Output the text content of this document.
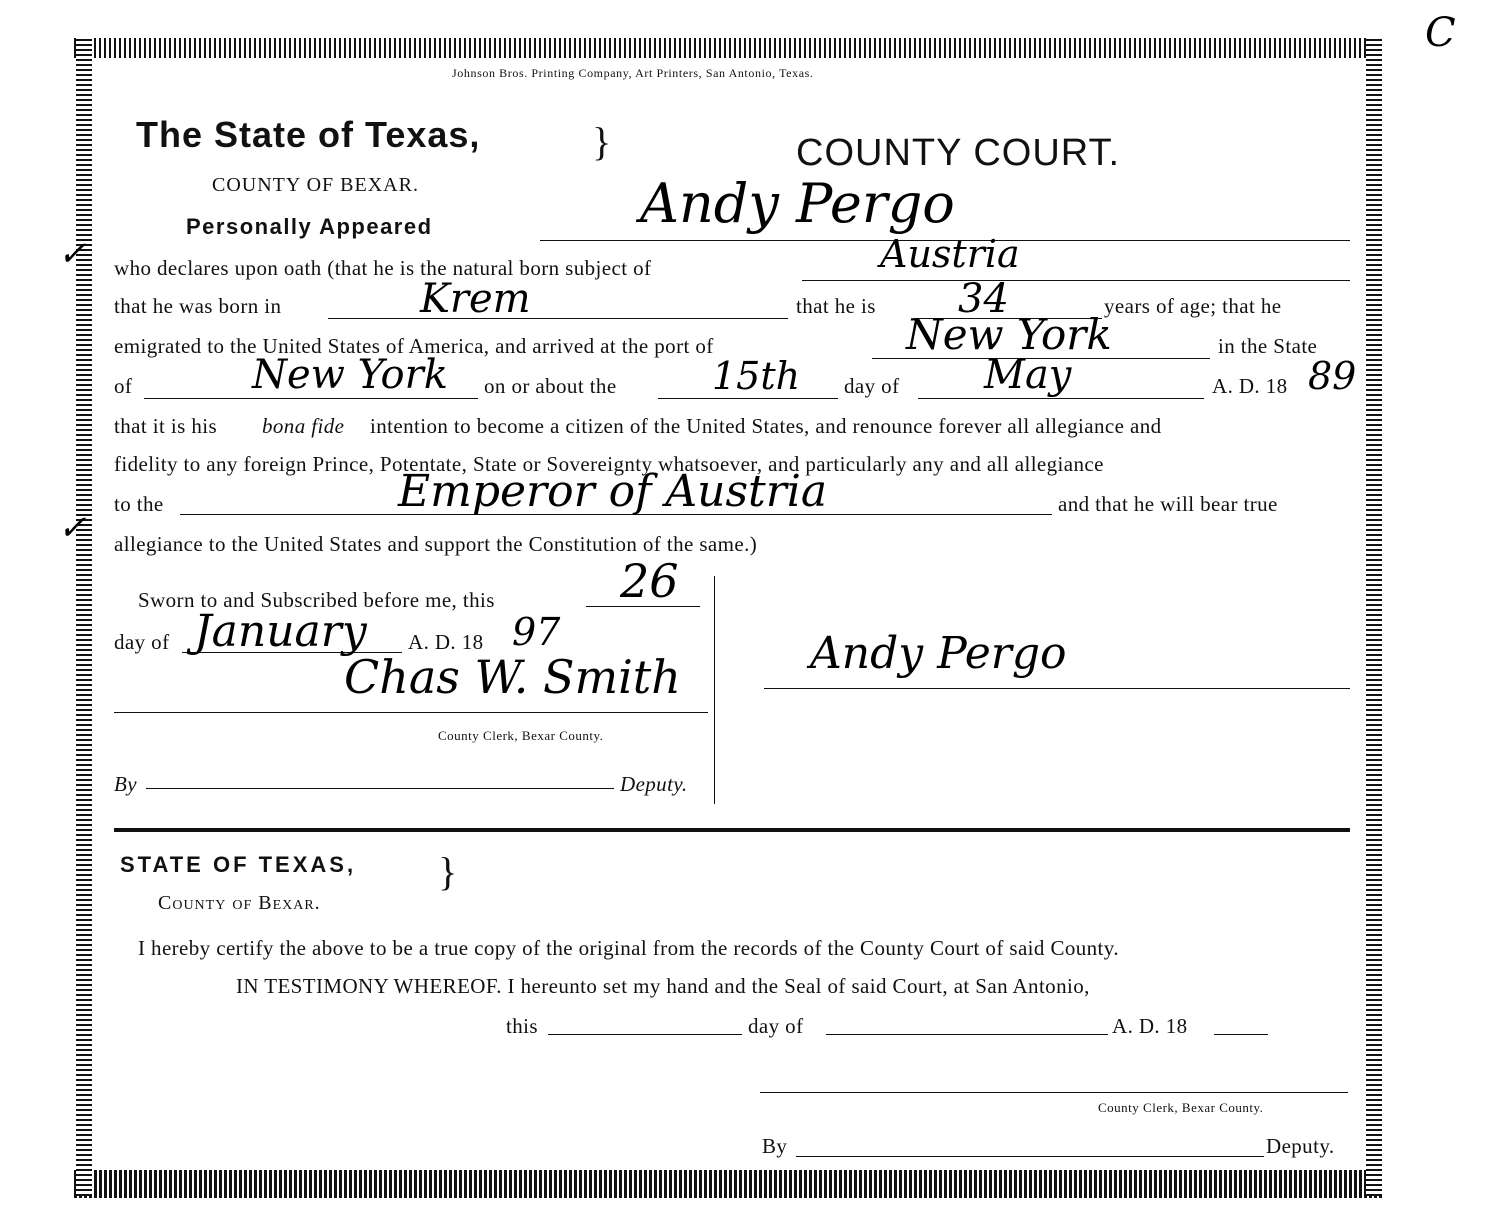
C
Johnson Bros. Printing Company, Art Printers, San Antonio, Texas.
The State of Texas,
COUNTY OF BEXAR.
Personally Appeared
}	COUNTY COURT.
Andy Pergo
✓
✓
who declares upon oath (that he is the natural born subject of	Austria
that he was born in	Krem	that he is 34	years of age; that he
emigrated to the United States of America, and arrived at the port of	New York	in the State
of	New York on or about the	15th day of May	A. D. 18 89
that it is his bona fide intention to become a citizen of the United States, and renounce forever all allegiance and
fidelity to any foreign Prince, Potentate, State or Sovereignty whatsoever, and particularly any and all allegiance
to the	Emperor of Austria	and that he will bear true
allegiance to the United States and support the Constitution of the same.)
Sworn to and Subscribed before me, this	26
day of January A. D. 18 97
Chas W. Smith
County Clerk, Bexar County.
By	Deputy.
Andy Pergo
STATE OF TEXAS, }
County of Bexar.
I hereby certify the above to be a true copy of the original from the records of the County Court of said County.
IN TESTIMONY WHEREOF. I hereunto set my hand and the Seal of said Court, at San Antonio,
this	day of	A. D. 18
County Clerk, Bexar County.
By	Deputy.
